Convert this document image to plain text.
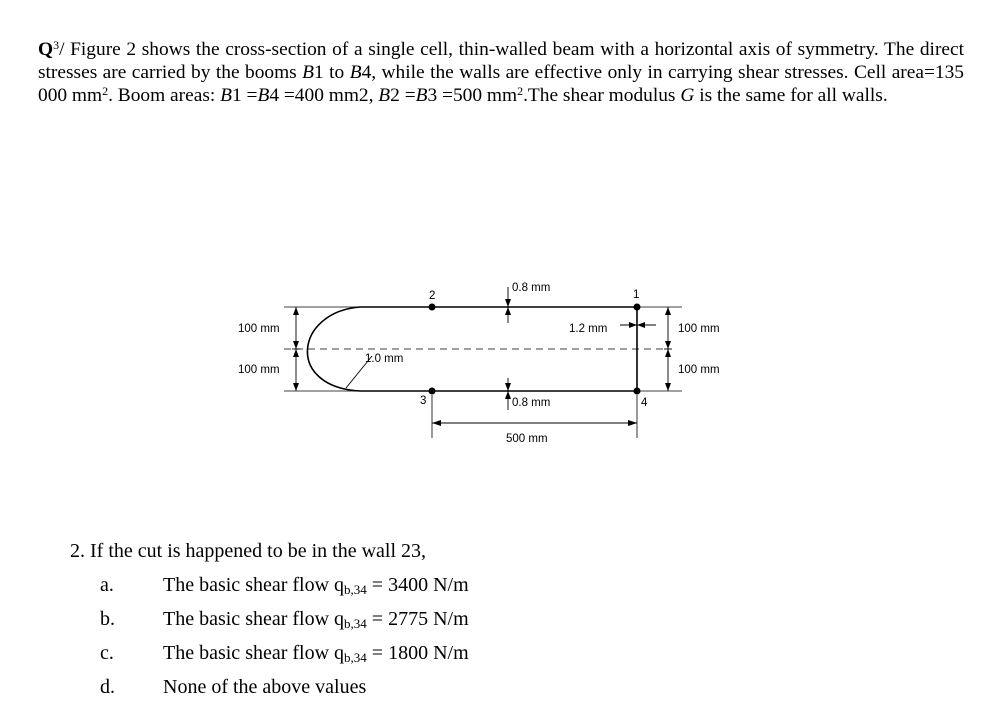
$Q^3/$ Figure 2 shows the cross-section of a single cell, thin-walled beam with a horizontal axis of symmetry. The direct stresses are carried by the booms B1 to B4, while the walls are effective only in carrying shear stresses. Cell area=135 000 $mm^2$. Boom areas: B1 =B4 =400 mm2, B2 =B3 =500 $mm^2.The$ shear modulus G is the same for all walls.

2	1
3	4
0.8 mm
0.8 mm
1.2 mm
1.0 mm
100 mm
100 mm
100 mm
100 mm
500 mm

2. If the cut is happened to be in the wall 23,

a. The basic shear flow $q_{b,34} = 3400$ N/m
b. The basic shear flow $q_{b,34} = 2775$ N/m
c. The basic shear flow $q_{b,34} = 1800$ N/m
d. None of the above values
